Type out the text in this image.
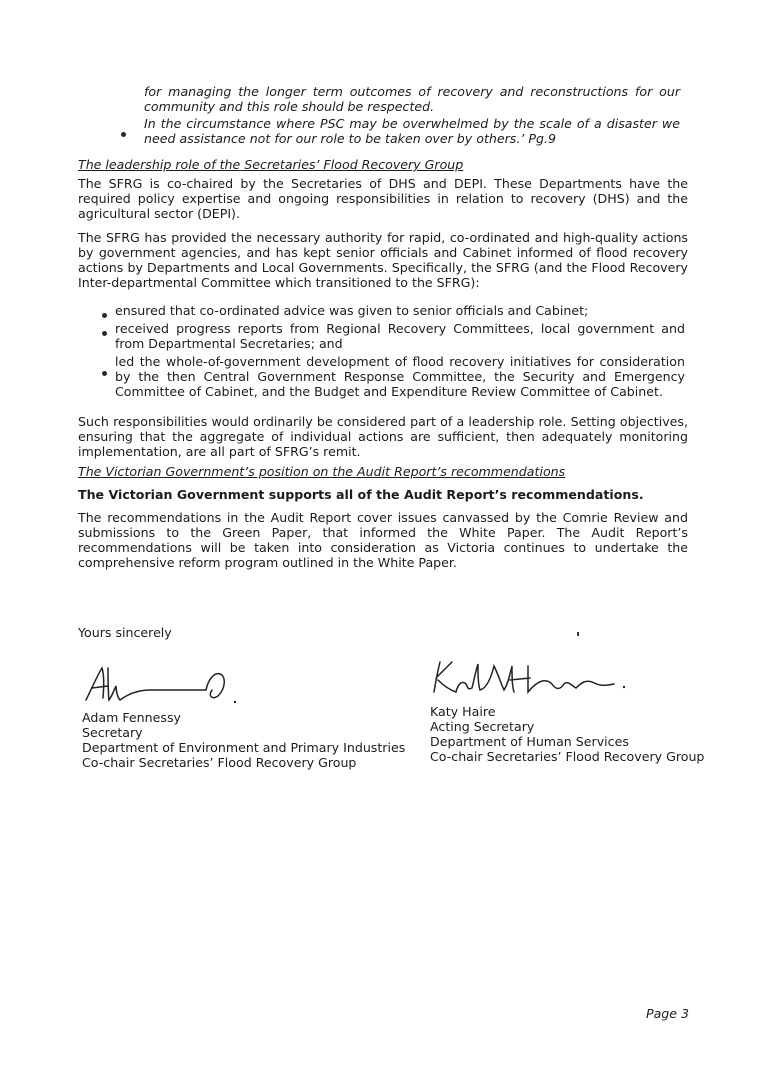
for managing the longer term outcomes of recovery and reconstructions for our community and this role should be respected.
In the circumstance where PSC may be overwhelmed by the scale of a disaster we need assistance not for our role to be taken over by others.’ Pg.9
The leadership role of the Secretaries’ Flood Recovery Group
The SFRG is co-chaired by the Secretaries of DHS and DEPI. These Departments have the required policy expertise and ongoing responsibilities in relation to recovery (DHS) and the agricultural sector (DEPI).
The SFRG has provided the necessary authority for rapid, co-ordinated and high-quality actions by government agencies, and has kept senior officials and Cabinet informed of flood recovery actions by Departments and Local Governments. Specifically, the SFRG (and the Flood Recovery Inter-departmental Committee which transitioned to the SFRG):
ensured that co-ordinated advice was given to senior officials and Cabinet;
received progress reports from Regional Recovery Committees, local government and from Departmental Secretaries; and
led the whole-of-government development of flood recovery initiatives for consideration by the then Central Government Response Committee, the Security and Emergency Committee of Cabinet, and the Budget and Expenditure Review Committee of Cabinet.
Such responsibilities would ordinarily be considered part of a leadership role. Setting objectives, ensuring that the aggregate of individual actions are sufficient, then adequately monitoring implementation, are all part of SFRG’s remit.
The Victorian Government’s position on the Audit Report’s recommendations
The Victorian Government supports all of the Audit Report’s recommendations.
The recommendations in the Audit Report cover issues canvassed by the Comrie Review and submissions to the Green Paper, that informed the White Paper. The Audit Report’s recommendations will be taken into consideration as Victoria continues to undertake the comprehensive reform program outlined in the White Paper.
Yours sincerely
Adam Fennessy
Secretary
Department of Environment and Primary Industries
Co-chair Secretaries’ Flood Recovery Group
Katy Haire
Acting Secretary
Department of Human Services
Co-chair Secretaries’ Flood Recovery Group
Page 3
